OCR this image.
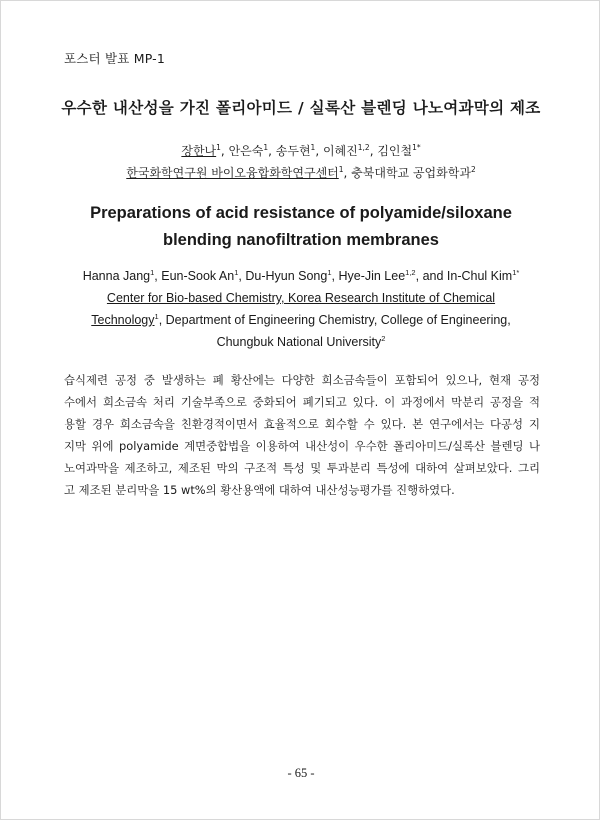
포스터 발표 MP-1
우수한 내산성을 가진 폴리아미드 / 실록산 블렌딩 나노여과막의 제조
장한나$^1$, 안은숙$^1$, 송두현$^1$, 이혜진$^{1,2}$, 김인철$^{1*}$
한국화학연구원 바이오융합화학연구센터$^1$, 충북대학교 공업화학과$^2$
Preparations of acid resistance of polyamide/siloxane
blending nanofiltration membranes
Hanna Jang$^1$, Eun-Sook An$^1$, Du-Hyun Song$^1$, Hye-Jin Lee$^{1,2}$, and In-Chul Kim$^{1*}$
Center for Bio-based Chemistry, Korea Research Institute of Chemical Technology$^1$, Department of Engineering Chemistry, College of Engineering, Chungbuk National University$^2$
습식제련 공정 중 발생하는 폐 황산에는 다양한 희소금속들이 포함되어 있으나, 현재 공정
수에서 희소금속 처리 기술부족으로 중화되어 폐기되고 있다. 이 과정에서 막분리 공정을 적
용할 경우 희소금속을 친환경적이면서 효율적으로 회수할 수 있다. 본 연구에서는 다공성 지
지막 위에 polyamide 계면중합법을 이용하여 내산성이 우수한 폴리아미드/실록산 블렌딩 나
노여과막을 제조하고, 제조된 막의 구조적 특성 및 투과분리 특성에 대하여 살펴보았다. 그리
고 제조된 분리막을 15 wt%의 황산용액에 대하여 내산성능평가를 진행하였다.
- 65 -
